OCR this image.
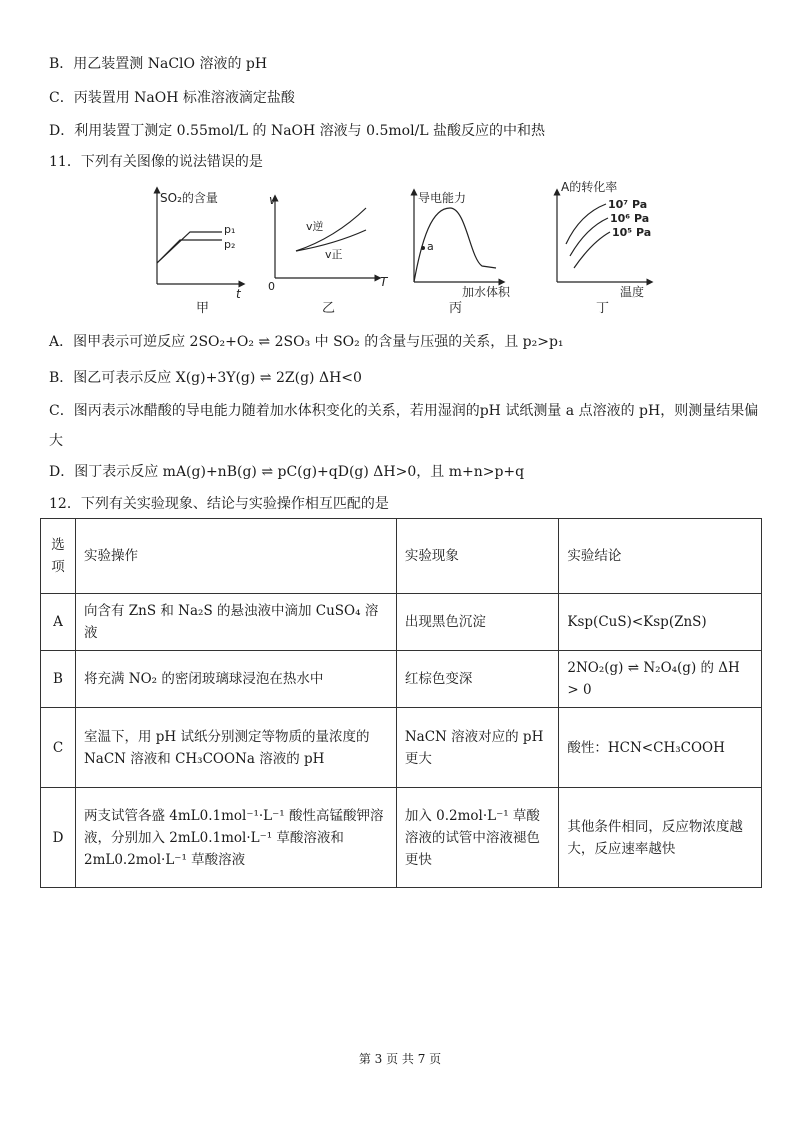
B．用乙装置测 NaClO 溶液的 pH
C．丙装置用 NaOH 标准溶液滴定盐酸
D．利用装置丁测定 0.55mol/L 的 NaOH 溶液与 0.5mol/L 盐酸反应的中和热
11．下列有关图像的说法错误的是
SO₂的含量
p₁
p₂
t
甲
v
v逆
v正
0	T
乙
a
导电能力
加水体积
丙
A的转化率
10⁷ Pa
10⁶ Pa
10⁵ Pa
温度
丁
A．图甲表示可逆反应 2SO₂+O₂ ⇌ 2SO₃ 中 SO₂ 的含量与压强的关系，且 p₂>p₁
B．图乙可表示反应 X(g)+3Y(g) ⇌ 2Z(g) ΔH<0
C．图丙表示冰醋酸的导电能力随着加水体积变化的关系，若用湿润的pH 试纸测量 a 点溶液的 pH，则测量结果偏
大
D．图丁表示反应 mA(g)+nB(g) ⇌ pC(g)+qD(g) ΔH>0，且 m+n>p+q
12．下列有关实验现象、结论与实验操作相互匹配的是
选项	实验操作	实验现象	实验结论
A	向含有 ZnS 和 Na₂S 的悬浊液中滴加 CuSO₄ 溶液	出现黑色沉淀	Ksp(CuS)<Ksp(ZnS)
B	将充满 NO₂ 的密闭玻璃球浸泡在热水中	红棕色变深	2NO₂(g) ⇌ N₂O₄(g) 的 ΔH > 0
C	室温下，用 pH 试纸分别测定等物质的量浓度的 NaCN 溶液和 CH₃COONa 溶液的 pH	NaCN 溶液对应的 pH 更大	酸性：HCN<CH₃COOH
D	两支试管各盛 4mL0.1mol⁻¹·L⁻¹ 酸性高锰酸钾溶液，分别加入 2mL0.1mol·L⁻¹ 草酸溶液和 2mL0.2mol·L⁻¹ 草酸溶液	加入 0.2mol·L⁻¹ 草酸溶液的试管中溶液褪色更快	其他条件相同，反应物浓度越大，反应速率越快
第 3 页 共 7 页
